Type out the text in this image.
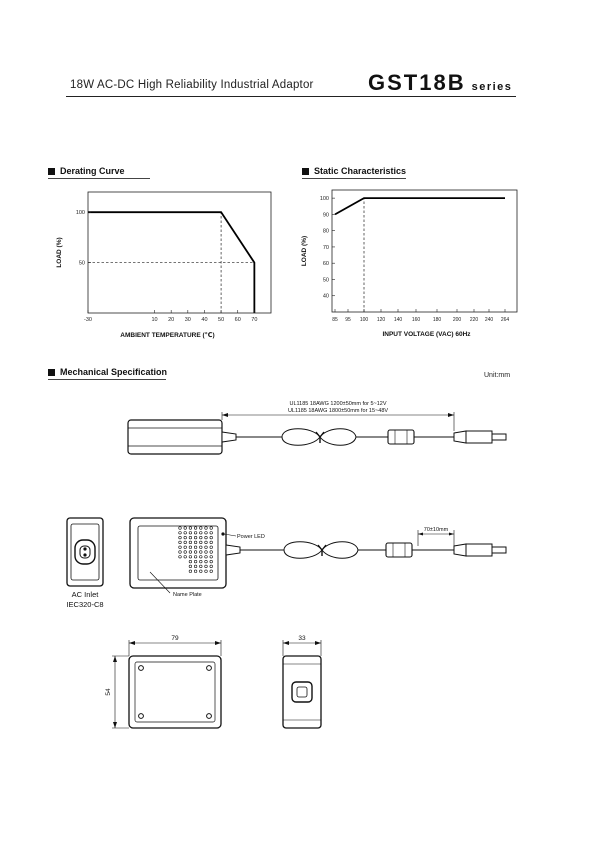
18W AC-DC High Reliability Industrial Adaptor GST18B series
Derating Curve	Static Characteristics
Mechanical Specification	Unit:mm
-30	10 20 30 40 50 60 70
100
50
AMBIENT TEMPERATURE (℃)
LOAD (%)
85 95 100 120 140 160	180 200 220 240 264
100
90
80
70
60
50
40
INPUT VOLTAGE (VAC) 60Hz
LOAD (%)
UL1185 18AWG 1200±50mm for 5~12V
UL1185 18AWG 1800±50mm for 15~48V
70±10mm
Power LED
Name Plate
AC Inlet
IEC320-C8
79
54
33
